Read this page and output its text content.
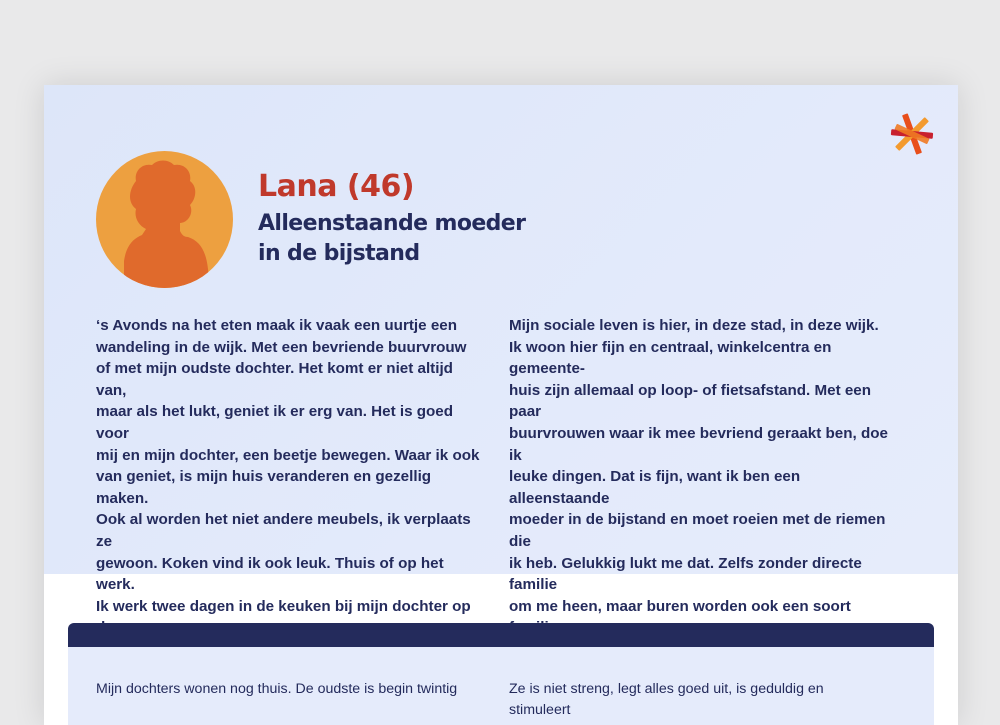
Lana (46)
Alleenstaande moeder
in de bijstand

‘s Avonds na het eten maak ik vaak een uurtje een
wandeling in de wijk. Met een bevriende buurvrouw
of met mijn oudste dochter. Het komt er niet altijd van,
maar als het lukt, geniet ik er erg van. Het is goed voor
mij en mijn dochter, een beetje bewegen. Waar ik ook
van geniet, is mijn huis veranderen en gezellig maken.
Ook al worden het niet andere meubels, ik verplaats ze
gewoon. Koken vind ik ook leuk. Thuis of op het werk.
Ik werk twee dagen in de keuken bij mijn dochter op

Mijn sociale leven is hier, in deze stad, in deze wijk.
Ik woon hier fijn en centraal, winkelcentra en gemeente-
huis zijn allemaal op loop- of fietsafstand. Met een paar
buurvrouwen waar ik mee bevriend geraakt ben, doe ik
leuke dingen. Dat is fijn, want ik ben een alleenstaande
moeder in de bijstand en moet roeien met de riemen die
ik heb. Gelukkig lukt me dat. Zelfs zonder directe familie
om me heen, maar buren worden ook een soort

Mijn dochters wonen nog thuis. De oudste is begin twintig	Ze is niet streng, legt alles goed uit, is geduldig en stimuleert
